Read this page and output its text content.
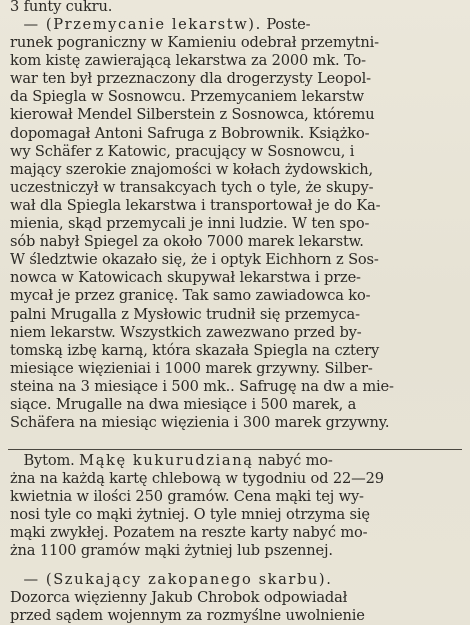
3 funty cukru.
— (Przemycanie lekarstw). Poste-
runek pograniczny w Kamieniu odebrał przemytni-
kom kistę zawierającą lekarstwa za 2000 mk. To-
war ten był przeznaczony dla drogerzysty Leopol-
da Spiegla w Sosnowcu. Przemycaniem lekarstw
kierował Mendel Silberstein z Sosnowca, któremu
dopomagał Antoni Safruga z Bobrownik. Książko-
wy Schäfer z Katowic, pracujący w Sosnowcu, i
mający szerokie znajomości w kołach żydowskich,
uczestniczył w transakcyach tych o tyle, że skupy-
wał dla Spiegla lekarstwa i transportował je do Ka-
mienia, skąd przemycali je inni ludzie. W ten spo-
sób nabył Spiegel za około 7000 marek lekarstw.
W śledztwie okazało się, że i optyk Eichhorn z Sos-
nowca w Katowicach skupywał lekarstwa i prze-
mycał je przez granicę. Tak samo zawiadowca ko-
palni Mrugalla z Mysłowic trudnił się przemyca-
niem lekarstw. Wszystkich zawezwano przed by-
tomską izbę karną, która skazała Spiegla na cztery
miesiące więzieniai i 1000 marek grzywny. Silber-
steina na 3 miesiące i 500 mk.. Safrugę na dw a mie-
siące. Mrugalle na dwa miesiące i 500 marek, a
Schäfera na miesiąc więzienia i 300 marek grzywny.
Bytom. Mąkę kukurudzianą nabyć mo-
żna na każdą kartę chlebową w tygodniu od 22—29
kwietnia w ilości 250 gramów. Cena mąki tej wy-
nosi tyle co mąki żytniej. O tyle mniej otrzyma się
mąki zwykłej. Pozatem na reszte karty nabyć mo-
żna 1100 gramów mąki żytniej lub pszennej.
— (Szukający zakopanego skarbu).
Dozorca więzienny Jakub Chrobok odpowiadał
przed sądem wojennym za rozmyślne uwolnienie
